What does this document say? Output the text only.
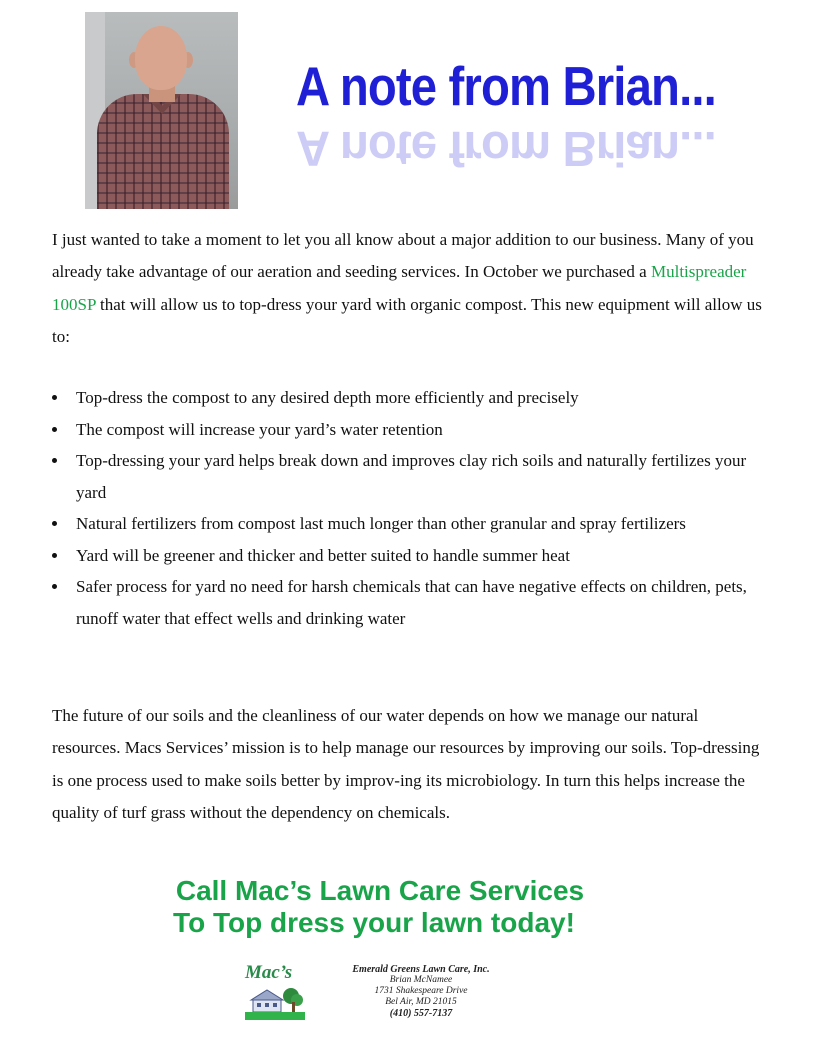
A note from Brian...
A note from Brian...

I just wanted to take a moment to let you all know about a major addition to our business. Many of you already take advantage of our aeration and seeding services. In October we purchased a Multispreader 100SP that will allow us to top-dress your yard with organic compost. This new equipment will allow us to:

Top-dress the compost to any desired depth more efficiently and precisely
The compost will increase your yard’s water retention
Top-dressing your yard helps break down and improves clay rich soils and naturally fertilizes your yard
Natural fertilizers from compost last much longer than other granular and spray fertilizers
Yard will be greener and thicker and better suited to handle summer heat
Safer process for yard no need for harsh chemicals that can have negative effects on children, pets, runoff water that effect wells and drinking water

The future of our soils and the cleanliness of our water depends on how we manage our natural resources. Macs Services’ mission is to help manage our resources by improving our soils. Top-dressing is one process used to make soils better by improv-ing its microbiology. In turn this helps increase the quality of turf grass without the dependency on chemicals.

Call Mac’s Lawn Care Services

To Top dress your lawn today!

Mac’s	Emerald Greens Lawn Care, Inc.
Brian McNamee
1731 Shakespeare Drive
Bel Air, MD 21015
(410) 557-7137
